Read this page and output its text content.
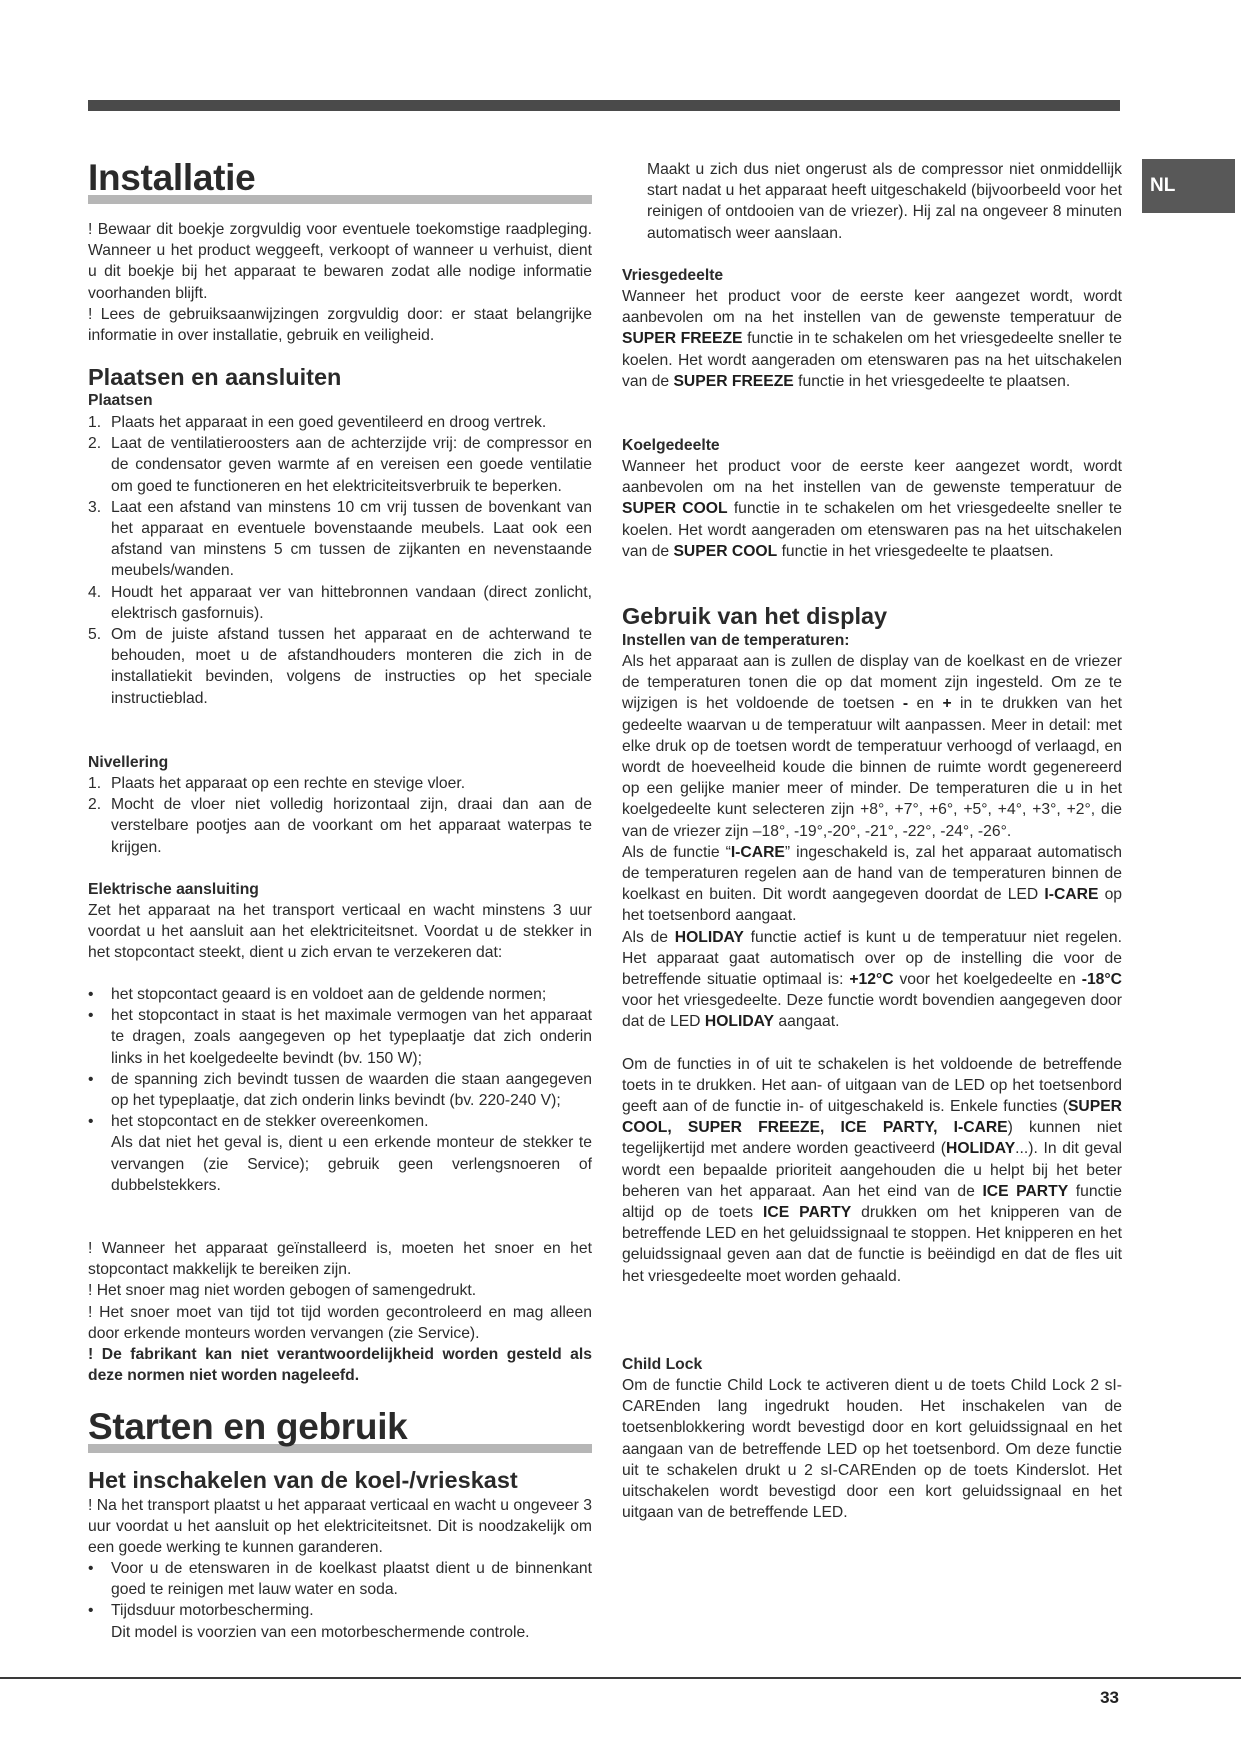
NL
Installatie

! Bewaar dit boekje zorgvuldig voor eventuele toekomstige raadpleging. Wanneer u het product weggeeft, verkoopt of wanneer u verhuist, dient u dit boekje bij het apparaat te bewaren zodat alle nodige informatie voorhanden blijft.

! Lees de gebruiksaanwijzingen zorgvuldig door: er staat belangrijke informatie in over installatie, gebruik en veiligheid.

Plaatsen en aansluiten
Plaatsen
1. Plaats het apparaat in een goed geventileerd en droog vertrek.
2. Laat de ventilatieroosters aan de achterzijde vrij: de compressor en de condensator geven warmte af en vereisen een goede ventilatie om goed te functioneren en het elektriciteitsverbruik te beperken.
3. Laat een afstand van minstens 10 cm vrij tussen de bovenkant van het apparaat en eventuele bovenstaande meubels. Laat ook een afstand van minstens 5 cm tussen de zijkanten en nevenstaande meubels/wanden.
4. Houdt het apparaat ver van hittebronnen vandaan (direct zonlicht, elektrisch gasfornuis).
5. Om de juiste afstand tussen het apparaat en de achterwand te behouden, moet u de afstandhouders monteren die zich in de installatiekit bevinden, volgens de instructies op het speciale instructieblad.
Nivellering
1. Plaats het apparaat op een rechte en stevige vloer.
2. Mocht de vloer niet volledig horizontaal zijn, draai dan aan de verstelbare pootjes aan de voorkant om het apparaat waterpas te krijgen.
Elektrische aansluiting
Zet het apparaat na het transport verticaal en wacht minstens 3 uur voordat u het aansluit aan het elektriciteitsnet. Voordat u de stekker in het stopcontact steekt, dient u zich ervan te verzekeren dat:
• het stopcontact geaard is en voldoet aan de geldende normen;
• het stopcontact in staat is het maximale vermogen van het apparaat te dragen, zoals aangegeven op het typeplaatje dat zich onderin links in het koelgedeelte bevindt (bv. 150 W);
• de spanning zich bevindt tussen de waarden die staan aangegeven op het typeplaatje, dat zich onderin links bevindt (bv. 220-240 V);
• het stopcontact en de stekker overeenkomen.
Als dat niet het geval is, dient u een erkende monteur de stekker te vervangen (zie Service); gebruik geen verlengsnoeren of dubbelstekkers.

! Wanneer het apparaat geïnstalleerd is, moeten het snoer en het stopcontact makkelijk te bereiken zijn.

! Het snoer mag niet worden gebogen of samengedrukt.

! Het snoer moet van tijd tot tijd worden gecontroleerd en mag alleen door erkende monteurs worden vervangen (zie Service).

! De fabrikant kan niet verantwoordelijkheid worden gesteld als deze normen niet worden nageleefd.

Starten en gebruik
Het inschakelen van de koel-/vrieskast
! Na het transport plaatst u het apparaat verticaal en wacht u ongeveer 3 uur voordat u het aansluit op het elektriciteitsnet. Dit is noodzakelijk om een goede werking te kunnen garanderen.
• Voor u de etenswaren in de koelkast plaatst dient u de binnenkant goed te reinigen met lauw water en soda.
• Tijdsduur motorbescherming.
Dit model is voorzien van een motorbeschermende controle.
Maakt u zich dus niet ongerust als de compressor niet onmiddellijk start nadat u het apparaat heeft uitgeschakeld (bijvoorbeeld voor het reinigen of ontdooien van de vriezer). Hij zal na ongeveer 8 minuten automatisch weer aanslaan.
Vriesgedeelte
Wanneer het product voor de eerste keer aangezet wordt, wordt aanbevolen om na het instellen van de gewenste temperatuur de SUPER FREEZE functie in te schakelen om het vriesgedeelte sneller te koelen. Het wordt aangeraden om etenswaren pas na het uitschakelen van de SUPER FREEZE functie in het vriesgedeelte te plaatsen.
Koelgedeelte
Wanneer het product voor de eerste keer aangezet wordt, wordt aanbevolen om na het instellen van de gewenste temperatuur de SUPER COOL functie in te schakelen om het vriesgedeelte sneller te koelen. Het wordt aangeraden om etenswaren pas na het uitschakelen van de SUPER COOL functie in het vriesgedeelte te plaatsen.
Gebruik van het display
Instellen van de temperaturen:

Als het apparaat aan is zullen de display van de koelkast en de vriezer de temperaturen tonen die op dat moment zijn ingesteld. Om ze te wijzigen is het voldoende de toetsen - en + in te drukken van het gedeelte waarvan u de temperatuur wilt aanpassen. Meer in detail: met elke druk op de toetsen wordt de temperatuur verhoogd of verlaagd, en wordt de hoeveelheid koude die binnen de ruimte wordt gegenereerd op een gelijke manier meer of minder. De temperaturen die u in het koelgedeelte kunt selecteren zijn +8°, +7°, +6°, +5°, +4°, +3°, +2°, die van de vriezer zijn –18°, -19°,-20°, -21°, -22°, -24°, -26°.

Als de functie “I-CARE” ingeschakeld is, zal het apparaat automatisch de temperaturen regelen aan de hand van de temperaturen binnen de koelkast en buiten. Dit wordt aangegeven doordat de LED I-CARE op het toetsenbord aangaat.

Als de HOLIDAY functie actief is kunt u de temperatuur niet regelen. Het apparaat gaat automatisch over op de instelling die voor de betreffende situatie optimaal is: +12°C voor het koelgedeelte en -18°C voor het vriesgedeelte. Deze functie wordt bovendien aangegeven door dat de LED HOLIDAY aangaat.

Om de functies in of uit te schakelen is het voldoende de betreffende toets in te drukken. Het aan- of uitgaan van de LED op het toetsenbord geeft aan of de functie in- of uitgeschakeld is. Enkele functies (SUPER COOL, SUPER FREEZE, ICE PARTY, I-CARE) kunnen niet tegelijkertijd met andere worden geactiveerd (HOLIDAY...). In dit geval wordt een bepaalde prioriteit aangehouden die u helpt bij het beter beheren van het apparaat. Aan het eind van de ICE PARTY functie altijd op de toets ICE PARTY drukken om het knipperen van de betreffende LED en het geluidssignaal te stoppen. Het knipperen en het geluidssignaal geven aan dat de functie is beëindigd en dat de fles uit het vriesgedeelte moet worden gehaald.

Child Lock
Om de functie Child Lock te activeren dient u de toets Child Lock 2 sI-CAREnden lang ingedrukt houden. Het inschakelen van de toetsenblokkering wordt bevestigd door en kort geluidssignaal en het aangaan van de betreffende LED op het toetsenbord. Om deze functie uit te schakelen drukt u 2 sI-CAREnden op de toets Kinderslot. Het uitschakelen wordt bevestigd door een kort geluidssignaal en het uitgaan van de betreffende LED.
33
